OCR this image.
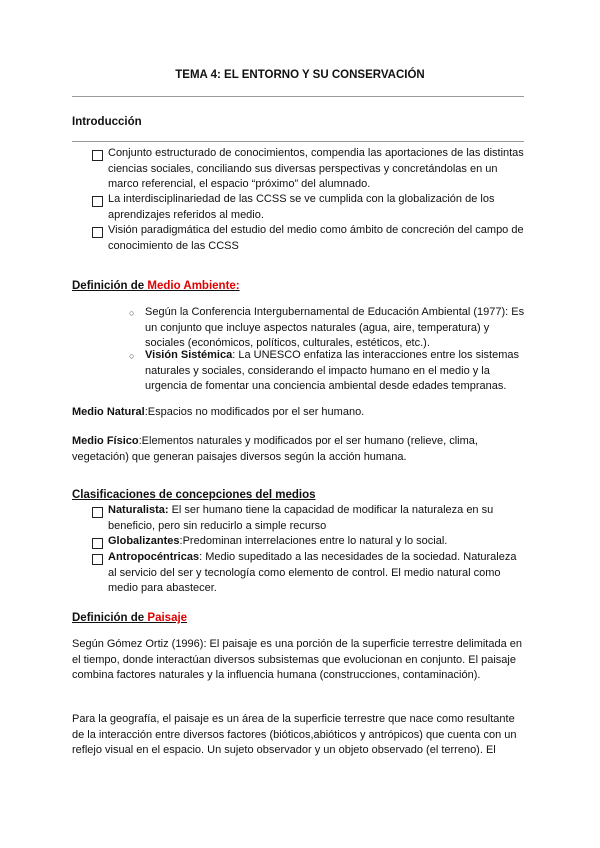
TEMA 4: EL ENTORNO Y SU CONSERVACIÓN
Introducción
Conjunto estructurado de conocimientos, compendia las aportaciones de las distintas ciencias sociales, conciliando sus diversas perspectivas y concretándolas en un marco referencial, el espacio “próximo” del alumnado.
La interdisciplinariedad de las CCSS se ve cumplida con la globalización de los aprendizajes referidos al medio.
Visión paradigmática del estudio del medio como ámbito de concreción del campo de conocimiento de las CCSS
Definición de Medio Ambiente:
○ Según la Conferencia Intergubernamental de Educación Ambiental (1977): Es un conjunto que incluye aspectos naturales (agua, aire, temperatura) y sociales (económicos, políticos, culturales, estéticos, etc.).
○ Visión Sistémica: La UNESCO enfatiza las interacciones entre los sistemas naturales y sociales, considerando el impacto humano en el medio y la urgencia de fomentar una conciencia ambiental desde edades tempranas.
Medio Natural:Espacios no modificados por el ser humano.
Medio Físico:Elementos naturales y modificados por el ser humano (relieve, clima, vegetación) que generan paisajes diversos según la acción humana.
Clasificaciones de concepciones del medios
Naturalista: El ser humano tiene la capacidad de modificar la naturaleza en su beneficio, pero sin reducirlo a simple recurso
Globalizantes:Predominan interrelaciones entre lo natural y lo social.
Antropocéntricas: Medio supeditado a las necesidades de la sociedad. Naturaleza al servicio del ser y tecnología como elemento de control. El medio natural como medio para abastecer.
Definición de Paisaje
Según Gómez Ortiz (1996): El paisaje es una porción de la superficie terrestre delimitada en el tiempo, donde interactúan diversos subsistemas que evolucionan en conjunto. El paisaje combina factores naturales y la influencia humana (construcciones, contaminación).
Para la geografía, el paisaje es un área de la superficie terrestre que nace como resultante de la interacción entre diversos factores (bióticos,abióticos y antrópicos) que cuenta con un reflejo visual en el espacio. Un sujeto observador y un objeto observado (el terreno). El
